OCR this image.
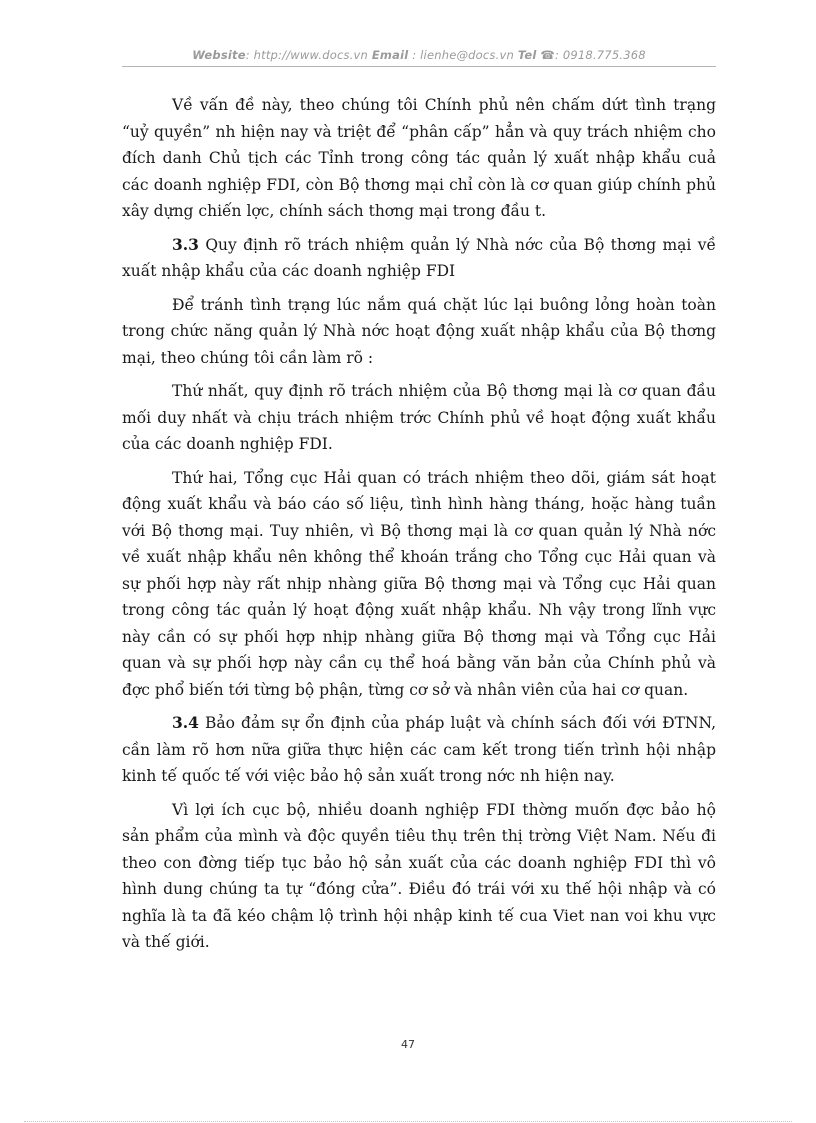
Website: http://www.docs.vn Email : lienhe@docs.vn Tel ☎: 0918.775.368

Về vấn đề này, theo chúng tôi Chính phủ nên chấm dứt tình trạng “uỷ quyền” nh hiện nay và triệt để “phân cấp” hẳn và quy trách nhiệm cho đích danh Chủ tịch các Tỉnh trong công tác quản lý xuất nhập khẩu cuả các doanh nghiệp FDI, còn Bộ thơng mại chỉ còn là cơ quan giúp chính phủ xây dựng chiến lợc, chính sách thơng mại trong đầu t.

3.3 Quy định rõ trách nhiệm quản lý Nhà nớc của Bộ thơng mại về xuất nhập khẩu của các doanh nghiệp FDI

Để tránh tình trạng lúc nắm quá chặt lúc lại buông lỏng hoàn toàn trong chức năng quản lý Nhà nớc hoạt động xuất nhập khẩu của Bộ thơng mại, theo chúng tôi cần làm rõ :

Thứ nhất, quy định rõ trách nhiệm của Bộ thơng mại là cơ quan đầu mối duy nhất và chịu trách nhiệm trớc Chính phủ về hoạt động xuất khẩu của các doanh nghiệp FDI.

Thứ hai, Tổng cục Hải quan có trách nhiệm theo dõi, giám sát hoạt động xuất khẩu và báo cáo số liệu, tình hình hàng tháng, hoặc hàng tuần với Bộ thơng mại. Tuy nhiên, vì Bộ thơng mại là cơ quan quản lý Nhà nớc về xuất nhập khẩu nên không thể khoán trắng cho Tổng cục Hải quan và sự phối hợp này rất nhịp nhàng giữa Bộ thơng mại và Tổng cục Hải quan trong công tác quản lý hoạt động xuất nhập khẩu. Nh vậy trong lĩnh vực này cần có sự phối hợp nhịp nhàng giữa Bộ thơng mại và Tổng cục Hải quan và sự phối hợp này cần cụ thể hoá bằng văn bản của Chính phủ và đợc phổ biến tới từng bộ phận, từng cơ sở và nhân viên của hai cơ quan.

3.4 Bảo đảm sự ổn định của pháp luật và chính sách đối với ĐTNN, cần làm rõ hơn nữa giữa thực hiện các cam kết trong tiến trình hội nhập kinh tế quốc tế với việc bảo hộ sản xuất trong nớc nh hiện nay.

Vì lợi ích cục bộ, nhiều doanh nghiệp FDI thờng muốn đợc bảo hộ sản phẩm của mình và độc quyền tiêu thụ trên thị trờng Việt Nam. Nếu đi theo con đờng tiếp tục bảo hộ sản xuất của các doanh nghiệp FDI thì vô hình dung chúng ta tự “đóng cửa”. Điều đó trái với xu thế hội nhập và có nghĩa là ta đã kéo chậm lộ trình hội nhập kinh tế cua Viet nan voi khu vực và thế giới.

47
